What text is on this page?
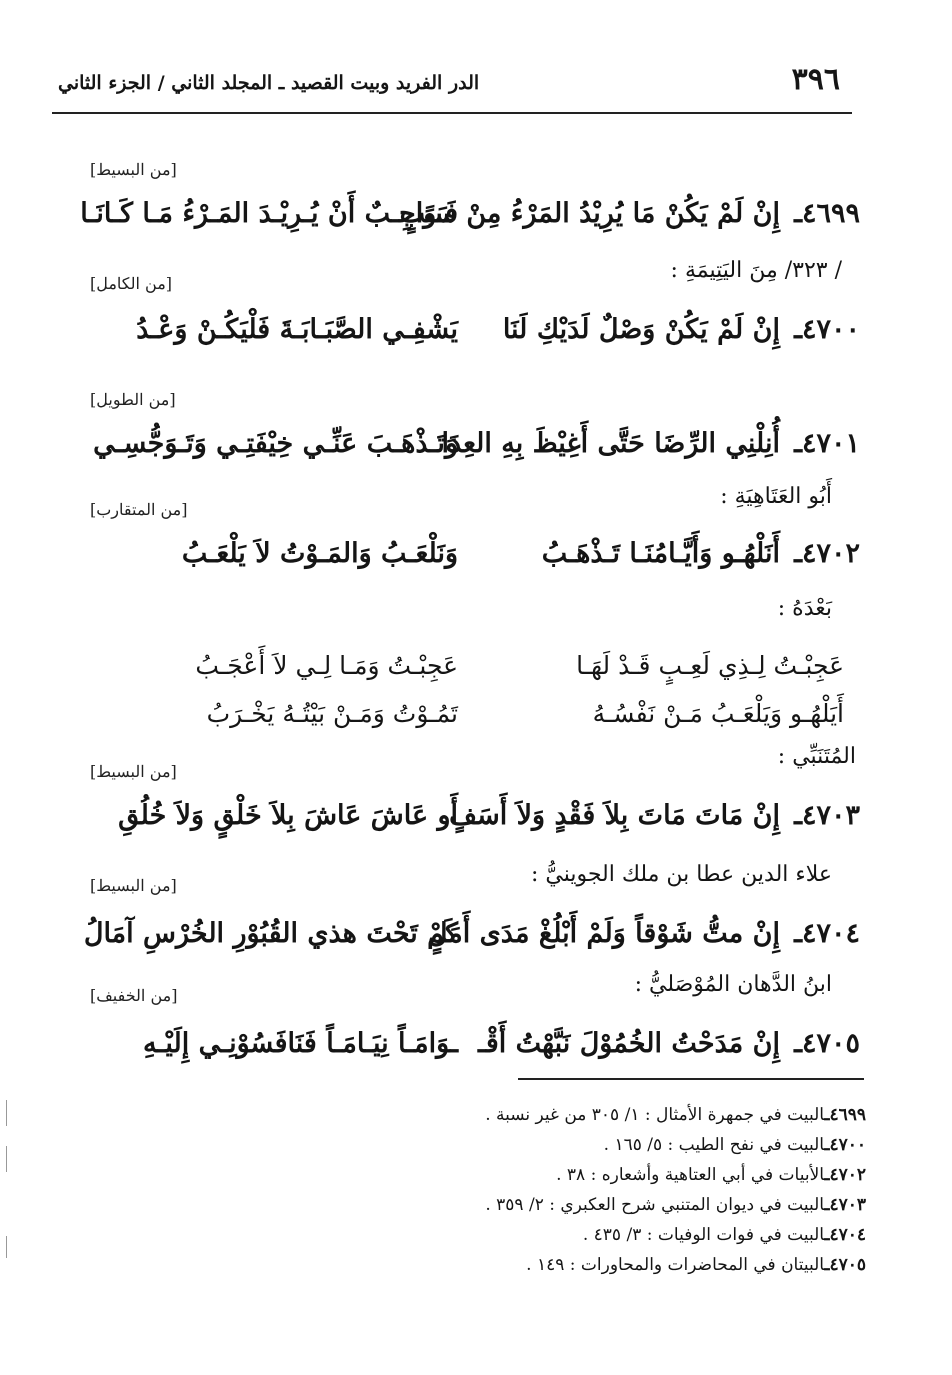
٣٩٦
الدر الفريد وبيت القصيد ـ المجلد الثاني / الجزء الثاني
[من البسيط]
٤٦٩٩ـ
إِنْ لَمْ يَكُنْ مَا يُرِيْدُ المَرْءُ مِنْ سَبَبٍ
فَـوَاجِـبٌ أَنْ يُـرِيْـدَ المَـرْءُ مَـا كَـانَـا
/ ٣٢٣/ مِنَ اليَتِيمَةِ :
[من الكامل]
٤٧٠٠ـ
إِنْ لَمْ يَكُنْ وَصْلٌ لَدَيْكِ لَنَا
يَشْفِـي الصَّبَـابَـةَ فَلْيَكُـنْ وَعْـدُ
[من الطويل]
٤٧٠١ـ
أُنِلْنِي الرِّضَا حَتَّى أَغِيْظَ بِهِ العِدَا
وَتَـذْهَـبَ عَنِّـي خِيْفَتِـي وَتَـوَجُّسِـي
أَبُو العَتَاهِيَةِ :
[من المتقارب]
٤٧٠٢ـ
أَنَلْهُـو وَأَيَّـامُنَـا تَـذْهَـبُ
وَنَلْعَـبُ وَالمَـوْتُ لاَ يَلْعَـبُ
بَعْدَهُ :
عَجِبْـتُ لِـذِي لَعِـبٍ قَـدْ لَهَـا
عَجِبْـتُ وَمَـا لِـي لاَ أَعْجَـبُ
أَيَلْهُـو وَيَلْعَـبُ مَـنْ نَفْسُـهُ
تَمُـوْتُ وَمَـنْ بَيْتُـهُ يَخْـرَبُ
المُتَنَبِّي :
[من البسيط]
٤٧٠٣ـ
إِنْ مَاتَ مَاتَ بِلاَ فَقْدٍ وَلاَ أَسَفٍ
أَو عَاشَ عَاشَ بِلاَ خَلْقٍ وَلاَ خُلُقِ
علاء الدين عطا بن ملك الجوينيُّ :
[من البسيط]
٤٧٠٤ـ
إِنْ متُّ شَوْقاً وَلَمْ أَبْلُغْ مَدَى أَمَلٍ
كَمْ تَحْتَ هذي القُبُوْرِ الخُرْسِ آمَالُ
ابنُ الدَّهان المُوْصَليُّ :
[من الخفيف]
٤٧٠٥ـ
إِنْ مَدَحْتُ الخُمُوْلَ نَبَّهْتُ أَقْـ
ـوَامَـاً نِيَـامَـاً فَنَافَسُوْنِـي إِلَيْـهِ
٤٦٩٩ـالبيت في جمهرة الأمثال : ١/ ٣٠٥ من غير نسبة .
٤٧٠٠ـالبيت في نفح الطيب : ٥/ ١٦٥ .
٤٧٠٢ـالأبيات في أبي العتاهية وأشعاره : ٣٨ .
٤٧٠٣ـالبيت في ديوان المتنبي شرح العكبري : ٢/ ٣٥٩ .
٤٧٠٤ـالبيت في فوات الوفيات : ٣/ ٤٣٥ .
٤٧٠٥ـالبيتان في المحاضرات والمحاورات : ١٤٩ .
